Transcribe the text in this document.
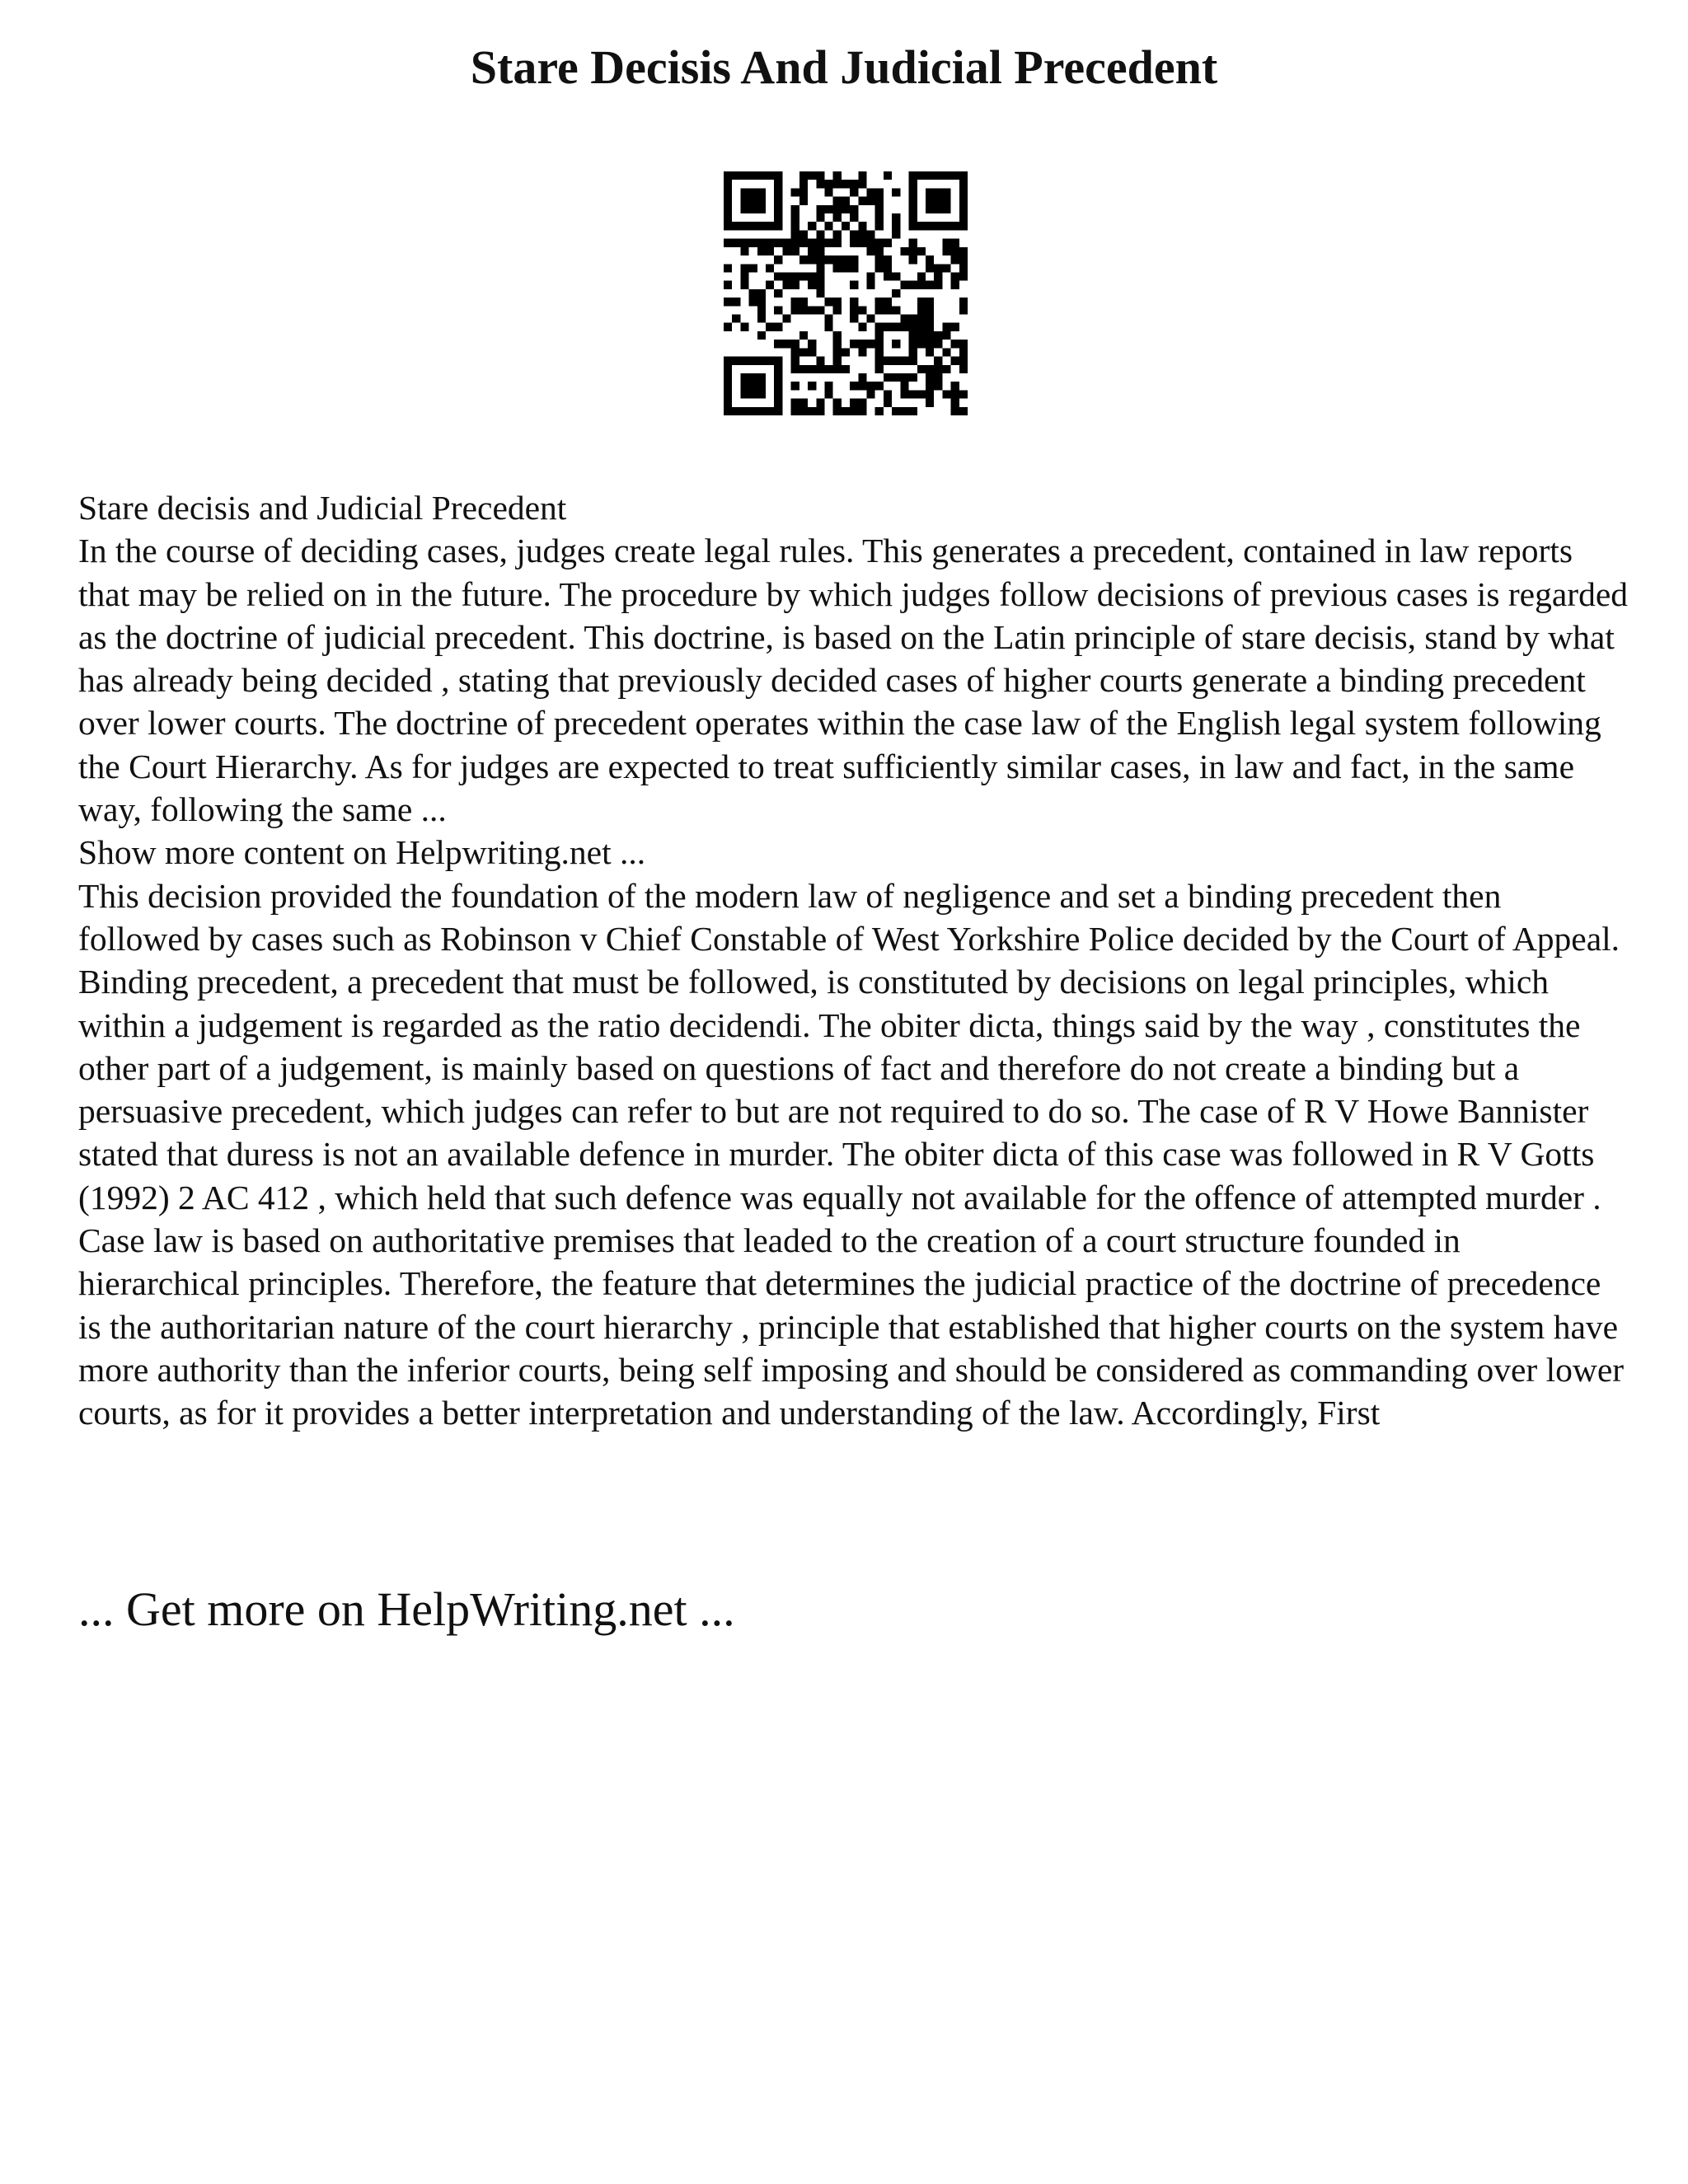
Stare Decisis And Judicial Precedent

Stare decisis and Judicial Precedent

In the course of deciding cases, judges create legal rules. This generates a precedent, contained in law reports that may be relied on in the future. The procedure by which judges follow decisions of previous cases is regarded as the doctrine of judicial precedent. This doctrine, is based on the Latin principle of stare decisis, stand by what has already being decided , stating that previously decided cases of higher courts generate a binding precedent over lower courts. The doctrine of precedent operates within the case law of the English legal system following the Court Hierarchy. As for judges are expected to treat sufficiently similar cases, in law and fact, in the same way, following the same ...

Show more content on Helpwriting.net ...

This decision provided the foundation of the modern law of negligence and set a binding precedent then followed by cases such as Robinson v Chief Constable of West Yorkshire Police decided by the Court of Appeal. Binding precedent, a precedent that must be followed, is constituted by decisions on legal principles, which within a judgement is regarded as the ratio decidendi. The obiter dicta, things said by the way , constitutes the other part of a judgement, is mainly based on questions of fact and therefore do not create a binding but a persuasive precedent, which judges can refer to but are not required to do so. The case of R V Howe Bannister stated that duress is not an available defence in murder. The obiter dicta of this case was followed in R V Gotts (1992) 2 AC 412 , which held that such defence was equally not available for the offence of attempted murder .

Case law is based on authoritative premises that leaded to the creation of a court structure founded in hierarchical principles. Therefore, the feature that determines the judicial practice of the doctrine of precedence is the authoritarian nature of the court hierarchy , principle that established that higher courts on the system have more authority than the inferior courts, being self imposing and should be considered as commanding over lower courts, as for it provides a better interpretation and understanding of the law. Accordingly, First

... Get more on HelpWriting.net ...
